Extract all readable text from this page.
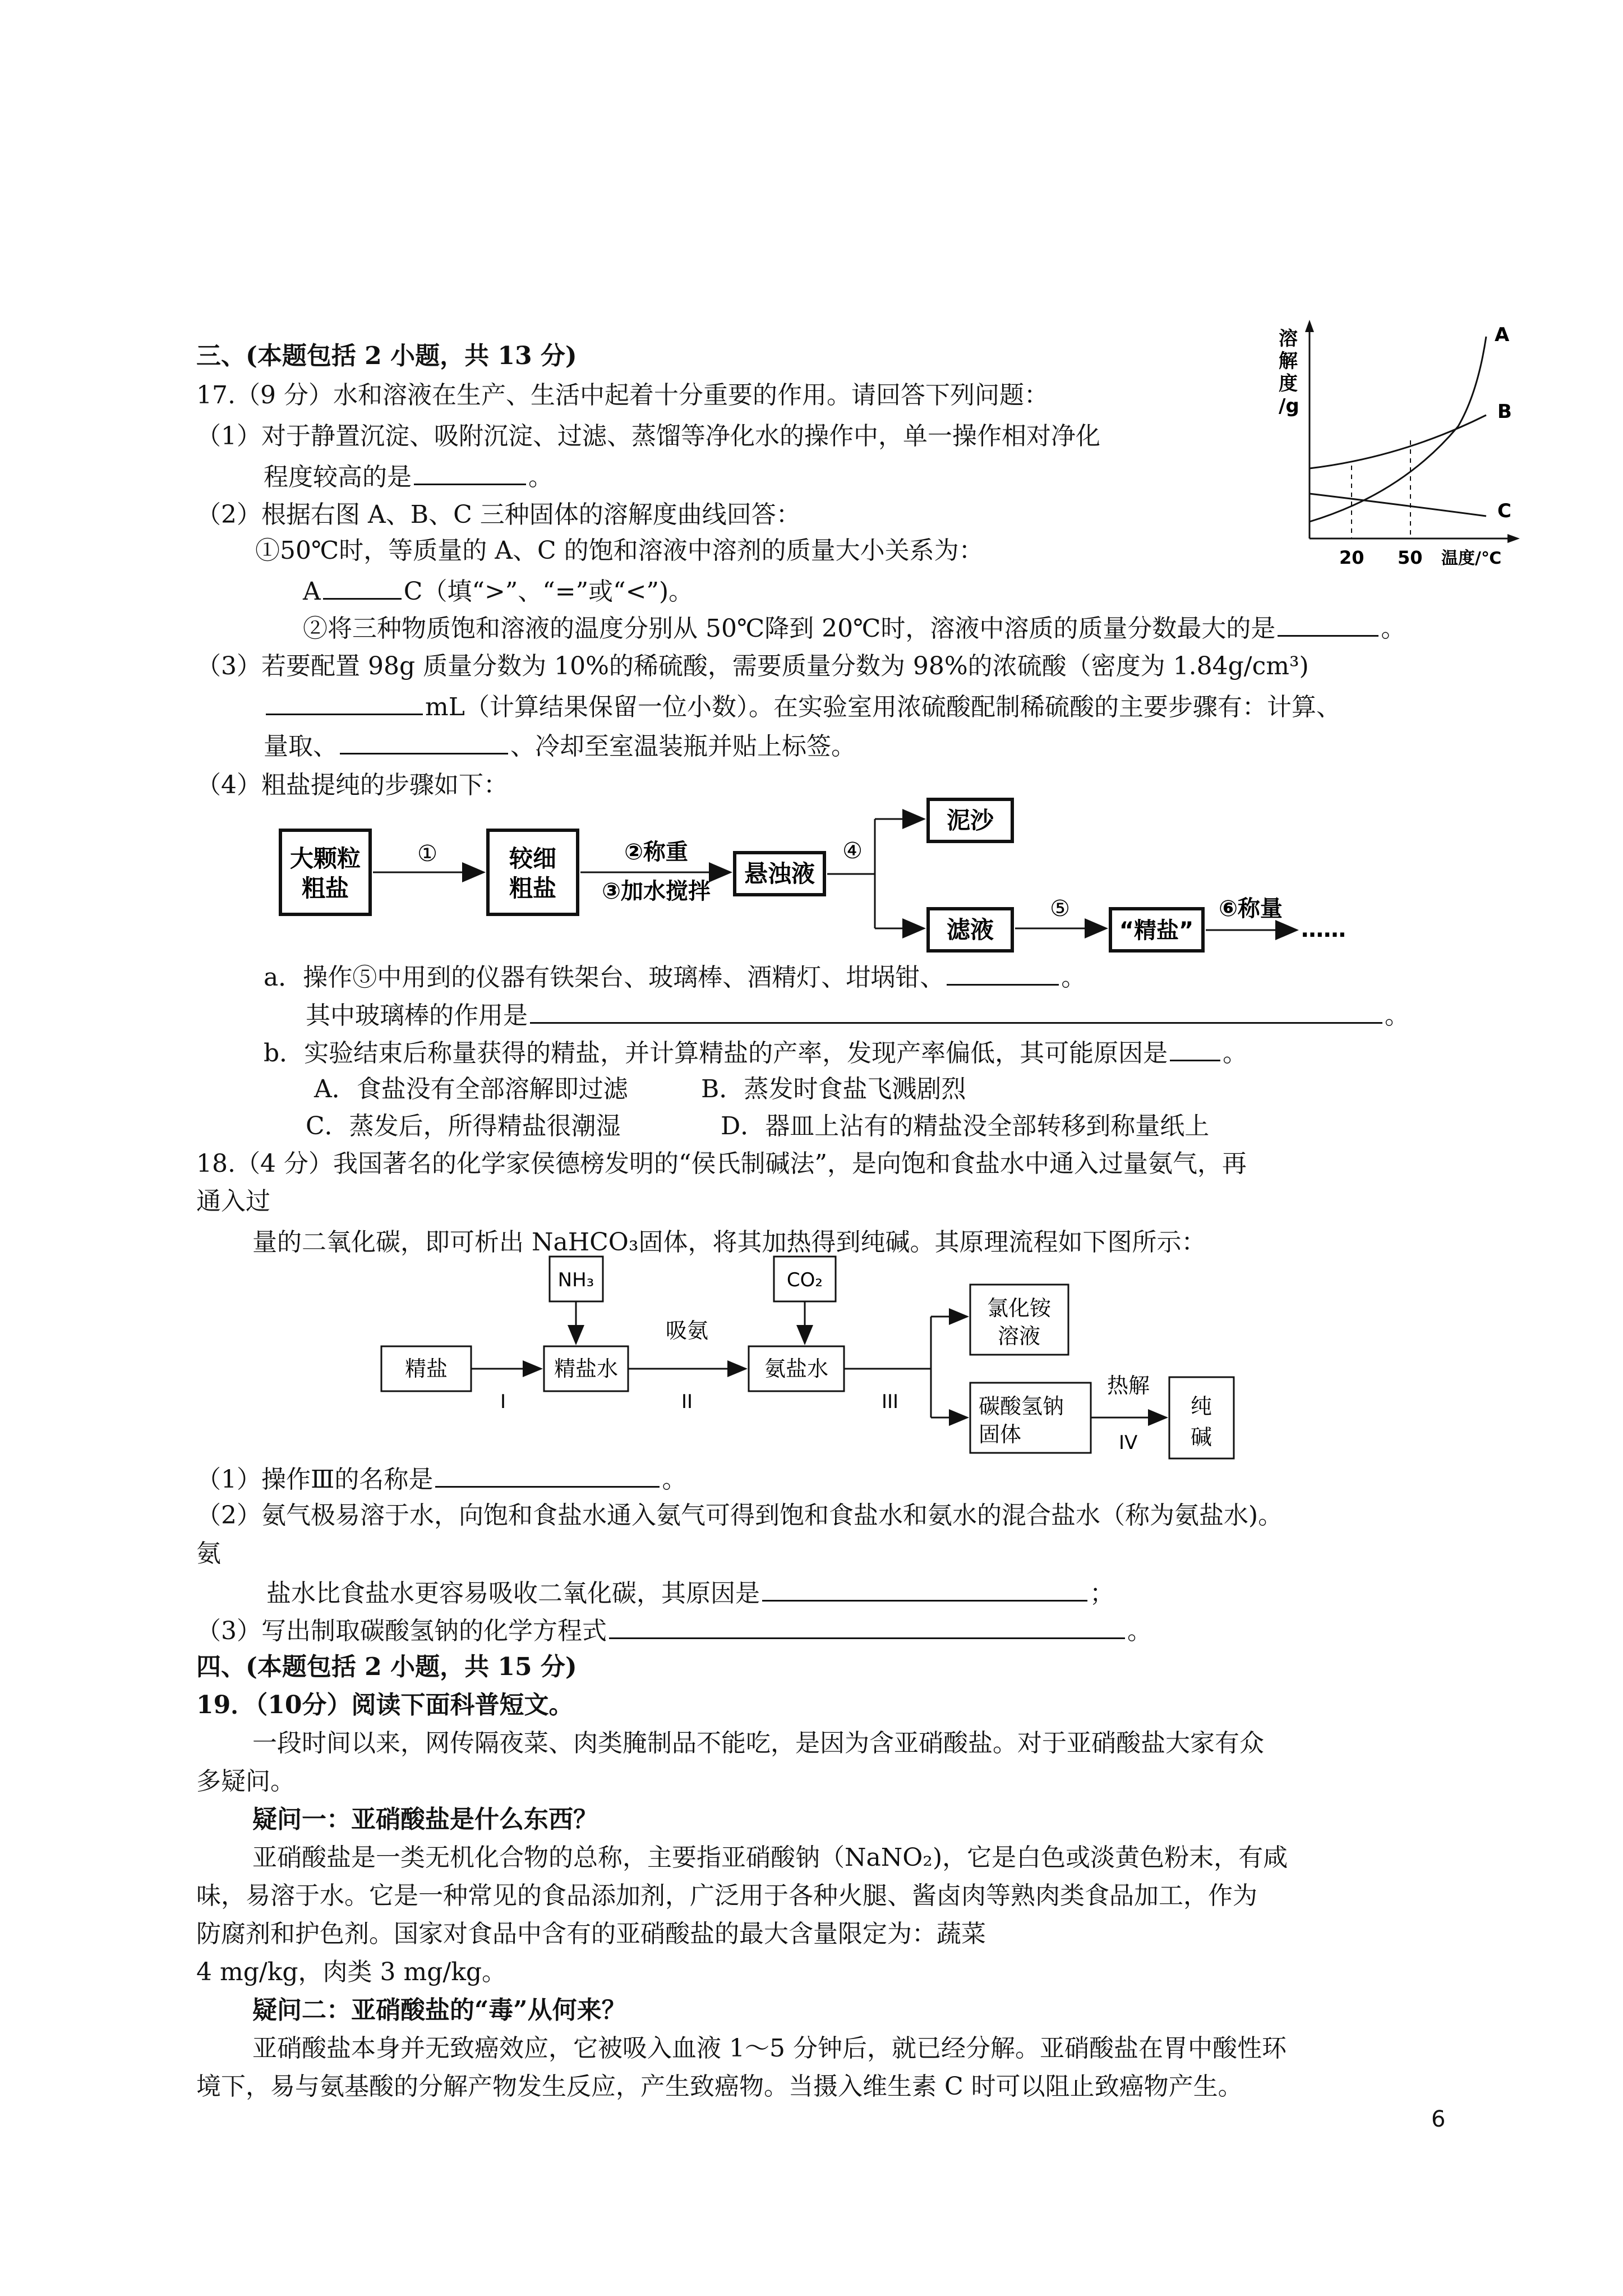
三、(本题包括 2 小题，共 13 分)
17.（9 分）水和溶液在生产、生活中起着十分重要的作用。请回答下列问题：
（1）对于静置沉淀、吸附沉淀、过滤、蒸馏等净化水的操作中，单一操作相对净化
程度较高的是	。
（2）根据右图 A、B、C 三种固体的溶解度曲线回答：
①50℃时，等质量的 A、C 的饱和溶液中溶剂的质量大小关系为：
A	C（填“>”、“=”或“<”)。
②将三种物质饱和溶液的温度分别从 50℃降到 20℃时，溶液中溶质的质量分数最大的是	。
（3）若要配置 98g 质量分数为 10%的稀硫酸，需要质量分数为 98%的浓硫酸（密度为 1.84g/cm³)
mL（计算结果保留一位小数）。在实验室用浓硫酸配制稀硫酸的主要步骤有：计算、
量取、	、冷却至室温装瓶并贴上标签。
（4）粗盐提纯的步骤如下：
溶
解
度
/g
A
B
C
20 50 温度/℃
大颗粒
粗盐
①	较细
粗盐
②称重
③加水搅拌
悬浊液
④
泥沙
滤液
⑤
“精盐”
⑥称量
……
a．操作⑤中用到的仪器有铁架台、玻璃棒、酒精灯、坩埚钳、	。
其中玻璃棒的作用是	。
b．实验结束后称量获得的精盐，并计算精盐的产率，发现产率偏低，其可能原因是 。
A．食盐没有全部溶解即过滤	B．蒸发时食盐飞溅剧烈
C．蒸发后，所得精盐很潮湿	D．器皿上沾有的精盐没全部转移到称量纸上
18.（4 分）我国著名的化学家侯德榜发明的“侯氏制碱法”，是向饱和食盐水中通入过量氨气，再
通入过
量的二氧化碳，即可析出 NaHCO₃固体，将其加热得到纯碱。其原理流程如下图所示：
NH₃	CO₂
精盐
I
精盐水
吸氨
II
氨盐水
III
氯化铵
溶液
碳酸氢钠
固体
热解
IV
纯
碱
（1）操作Ⅲ的名称是	。
（2）氨气极易溶于水，向饱和食盐水通入氨气可得到饱和食盐水和氨水的混合盐水（称为氨盐水)。
氨
盐水比食盐水更容易吸收二氧化碳，其原因是	；
（3）写出制取碳酸氢钠的化学方程式	。
四、(本题包括 2 小题，共 15 分)
19．（10分）阅读下面科普短文。
一段时间以来，网传隔夜菜、肉类腌制品不能吃，是因为含亚硝酸盐。对于亚硝酸盐大家有众
多疑问。
疑问一：亚硝酸盐是什么东西？
亚硝酸盐是一类无机化合物的总称，主要指亚硝酸钠（NaNO₂)，它是白色或淡黄色粉末，有咸
味，易溶于水。它是一种常见的食品添加剂，广泛用于各种火腿、酱卤肉等熟肉类食品加工，作为
防腐剂和护色剂。国家对食品中含有的亚硝酸盐的最大含量限定为：蔬菜
4 mg/kg，肉类 3 mg/kg。
疑问二：亚硝酸盐的“毒”从何来？
亚硝酸盐本身并无致癌效应，它被吸入血液 1～5 分钟后，就已经分解。亚硝酸盐在胃中酸性环
境下，易与氨基酸的分解产物发生反应，产生致癌物。当摄入维生素 C 时可以阻止致癌物产生。
6
